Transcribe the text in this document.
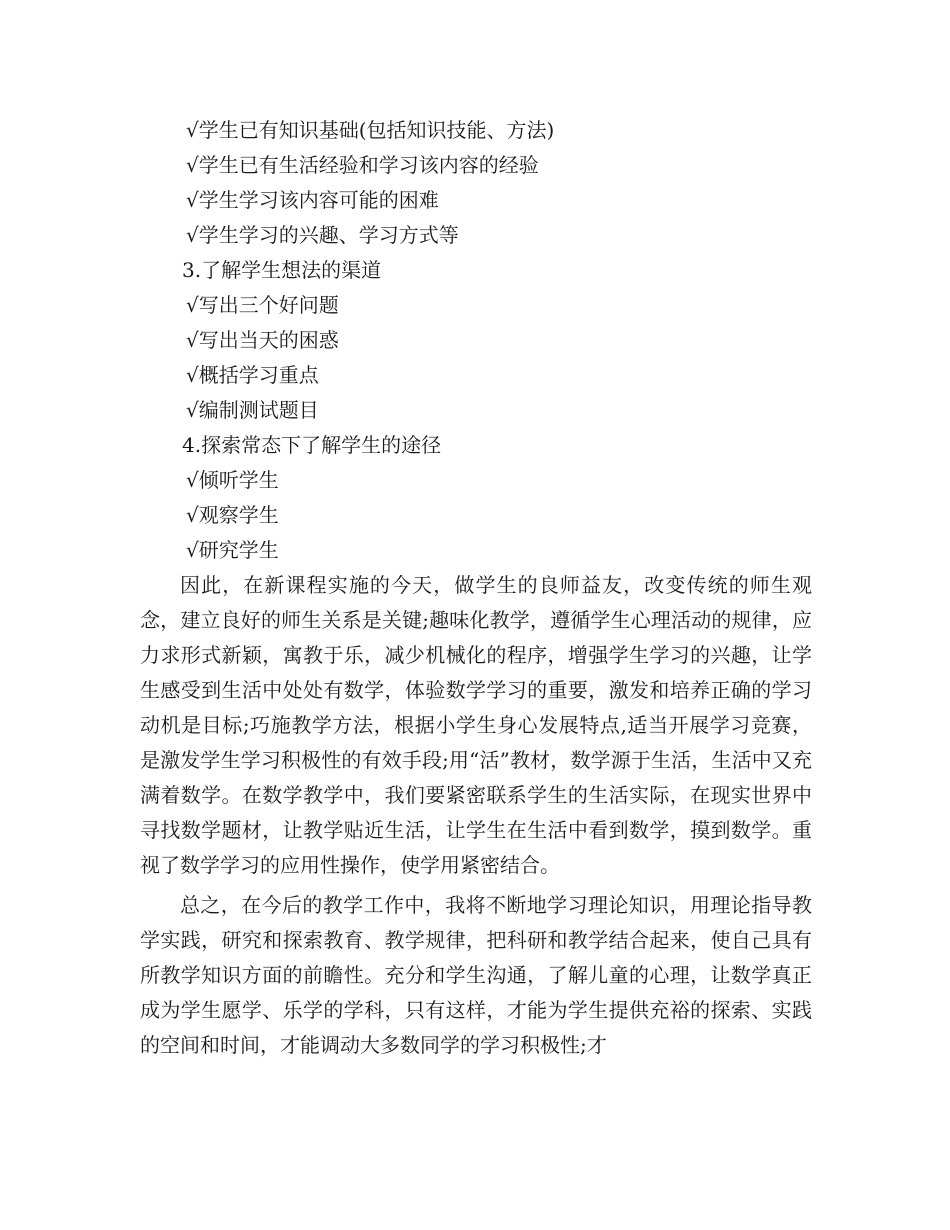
√学生已有知识基础(包括知识技能、方法)
√学生已有生活经验和学习该内容的经验
√学生学习该内容可能的困难
√学生学习的兴趣、学习方式等
3.了解学生想法的渠道
√写出三个好问题
√写出当天的困惑
√概括学习重点
√编制测试题目
4.探索常态下了解学生的途径
√倾听学生
√观察学生
√研究学生

因此，在新课程实施的今天，做学生的良师益友，改变传统的师生观念，建立良好的师生关系是关键;趣味化教学，遵循学生心理活动的规律，应力求形式新颖，寓教于乐，减少机械化的程序，增强学生学习的兴趣，让学生感受到生活中处处有数学，体验数学学习的重要，激发和培养正确的学习动机是目标;巧施教学方法，根据小学生身心发展特点,适当开展学习竞赛，是激发学生学习积极性的有效手段;用“活”教材，数学源于生活，生活中又充满着数学。在数学教学中，我们要紧密联系学生的生活实际，在现实世界中寻找数学题材，让教学贴近生活，让学生在生活中看到数学，摸到数学。重视了数学学习的应用性操作，使学用紧密结合。

总之，在今后的教学工作中，我将不断地学习理论知识，用理论指导教学实践，研究和探索教育、教学规律，把科研和教学结合起来，使自己具有所教学知识方面的前瞻性。充分和学生沟通，了解儿童的心理，让数学真正成为学生愿学、乐学的学科，只有这样，才能为学生提供充裕的探索、实践的空间和时间，才能调动大多数同学的学习积极性;才
